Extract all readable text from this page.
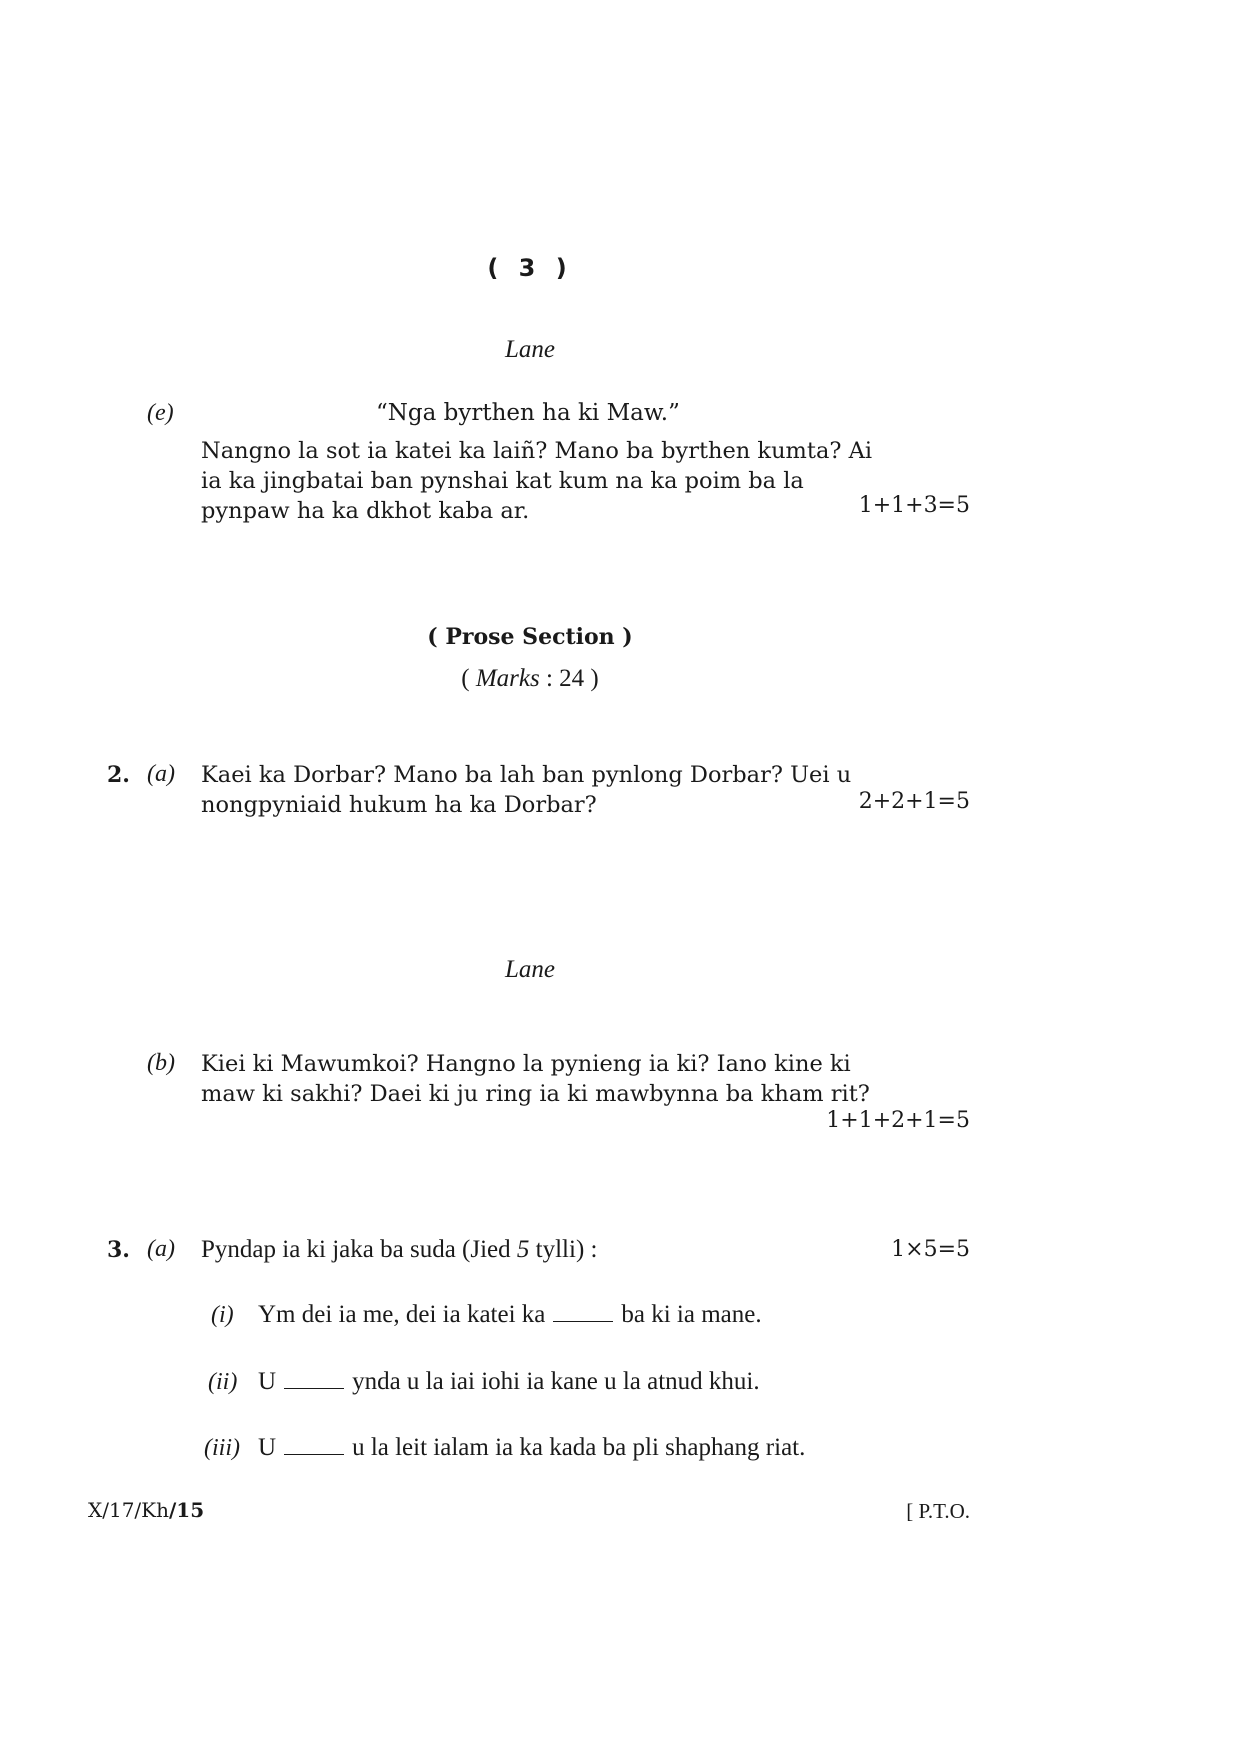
( 3 )
Lane
(e)	“Nga byrthen ha ki Maw.”
Nangno la sot ia katei ka laiñ? Mano ba byrthen kumta? Ai
ia ka jingbatai ban pynshai kat kum na ka poim ba la
pynpaw ha ka dkhot kaba ar.	1+1+3=5
( Prose Section )
( Marks : 24 )
2. (a) Kaei ka Dorbar? Mano ba lah ban pynlong Dorbar? Uei u
nongpyniaid hukum ha ka Dorbar?	2+2+1=5
Lane
(b) Kiei ki Mawumkoi? Hangno la pynieng ia ki? Iano kine ki
maw ki sakhi? Daei ki ju ring ia ki mawbynna ba kham rit?
1+1+2+1=5
3. (a) Pyndap ia ki jaka ba suda (Jied 5 tylli) :	1×5=5
(i) Ym dei ia me, dei ia katei ka	ba ki ia mane.
(ii) U	ynda u la iai iohi ia kane u la atnud khui.
(iii) U	u la leit ialam ia ka kada ba pli shaphang riat.
X/17/Kh/15	[ P.T.O.
